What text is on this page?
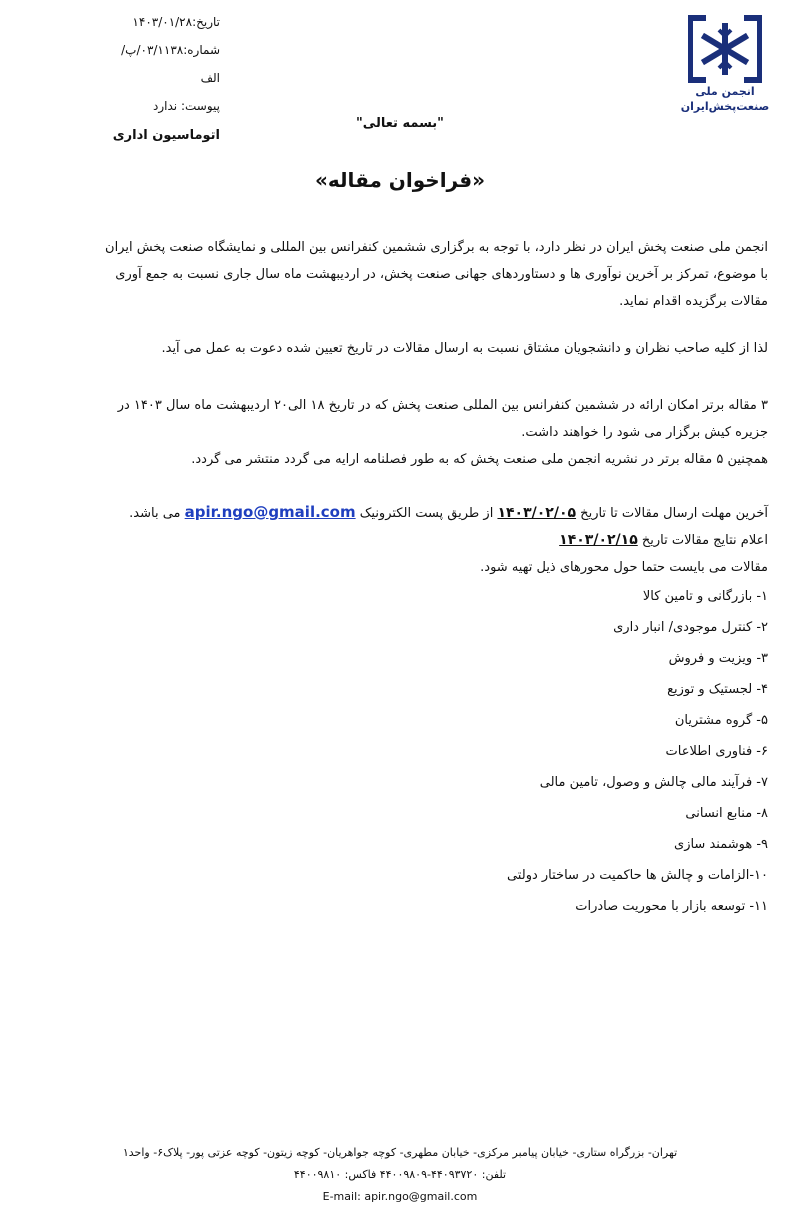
تاریخ:۱۴۰۳/۰۱/۲۸
شماره:۰۳/۱۱۳۸/پ/الف
پیوست: ندارد
اتوماسیون اداری
انجمن ملی
صنعت‌پخش‌ایران
"بسمه تعالی"
«فراخوان مقاله»

انجمن ملی صنعت پخش ایران در نظر دارد، با توجه به برگزاری ششمین کنفرانس بین المللی و نمایشگاه صنعت پخش ایران با موضوع، تمرکز بر آخرین نوآوری ها و دستاوردهای جهانی صنعت پخش، در اردیبهشت ماه سال جاری نسبت به جمع آوری مقالات برگزیده اقدام نماید.

لذا از کلیه صاحب نظران و دانشجویان مشتاق نسبت به ارسال مقالات در تاریخ تعیین شده دعوت به عمل می آید.

۳ مقاله برتر امکان ارائه در ششمین کنفرانس بین المللی صنعت پخش که در تاریخ ۱۸ الی۲۰ اردیبهشت ماه سال ۱۴۰۳ در جزیره کیش برگزار می شود را خواهند داشت.

همچنین ۵ مقاله برتر در نشریه انجمن ملی صنعت پخش که به طور فصلنامه ارایه می گردد منتشر می گردد.

آخرین مهلت ارسال مقالات تا تاریخ ۱۴۰۳/۰۲/۰۵ از طریق پست الکترونیک apir.ngo@gmail.com می باشد.

اعلام نتایج مقالات تاریخ ۱۴۰۳/۰۲/۱۵

مقالات می بایست حتما حول محورهای ذیل تهیه شود.

۱- بازرگانی و تامین کالا
۲- کنترل موجودی/ انبار داری
۳- ویزیت و فروش
۴- لجستیک و توزیع
۵- گروه مشتریان
۶- فناوری اطلاعات
۷- فرآیند مالی چالش و وصول، تامین مالی
۸- منابع انسانی
۹- هوشمند سازی
۱۰-الزامات و چالش ها حاکمیت در ساختار دولتی
۱۱- توسعه بازار با محوریت صادرات
تهران- بزرگراه ستاری- خیابان پیامبر مرکزی- خیابان مطهری- کوچه جواهریان- کوچه زیتون- کوچه عزتی پور- پلاک۶- واحد۱
تلفن: ۴۴۰۹۳۷۲۰-۴۴۰۰۹۸۰۹ فاکس: ۴۴۰۰۹۸۱۰
E-mail: apir.ngo@gmail.com
